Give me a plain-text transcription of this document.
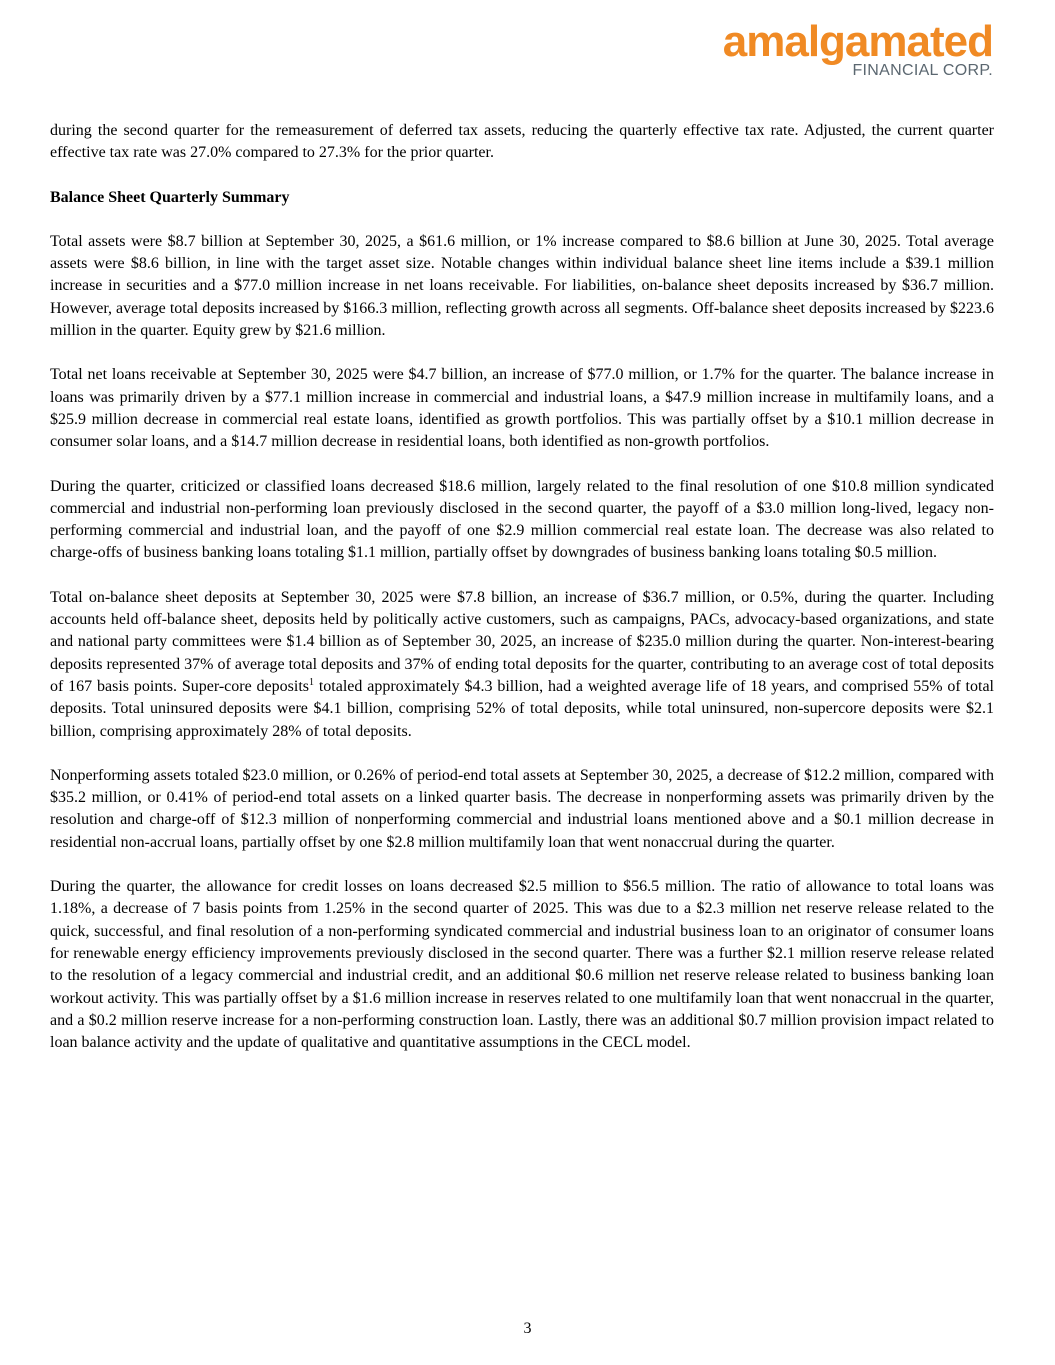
amalgamated
FINANCIAL CORP.

during the second quarter for the remeasurement of deferred tax assets, reducing the quarterly effective tax rate. Adjusted, the current quarter effective tax rate was 27.0% compared to 27.3% for the prior quarter.

Balance Sheet Quarterly Summary

Total assets were $8.7 billion at September 30, 2025, a $61.6 million, or 1% increase compared to $8.6 billion at June 30, 2025. Total average assets were $8.6 billion, in line with the target asset size. Notable changes within individual balance sheet line items include a $39.1 million increase in securities and a $77.0 million increase in net loans receivable. For liabilities, on-balance sheet deposits increased by $36.7 million. However, average total deposits increased by $166.3 million, reflecting growth across all segments. Off-balance sheet deposits increased by $223.6 million in the quarter. Equity grew by $21.6 million.

Total net loans receivable at September 30, 2025 were $4.7 billion, an increase of $77.0 million, or 1.7% for the quarter. The balance increase in loans was primarily driven by a $77.1 million increase in commercial and industrial loans, a $47.9 million increase in multifamily loans, and a $25.9 million decrease in commercial real estate loans, identified as growth portfolios. This was partially offset by a $10.1 million decrease in consumer solar loans, and a $14.7 million decrease in residential loans, both identified as non-growth portfolios.

During the quarter, criticized or classified loans decreased $18.6 million, largely related to the final resolution of one $10.8 million syndicated commercial and industrial non-performing loan previously disclosed in the second quarter, the payoff of a $3.0 million long-lived, legacy non-performing commercial and industrial loan, and the payoff of one $2.9 million commercial real estate loan. The decrease was also related to charge-offs of business banking loans totaling $1.1 million, partially offset by downgrades of business banking loans totaling $0.5 million.

Total on-balance sheet deposits at September 30, 2025 were $7.8 billion, an increase of $36.7 million, or 0.5%, during the quarter. Including accounts held off-balance sheet, deposits held by politically active customers, such as campaigns, PACs, advocacy-based organizations, and state and national party committees were $1.4 billion as of September 30, 2025, an increase of $235.0 million during the quarter. Non-interest-bearing deposits represented 37% of average total deposits and 37% of ending total deposits for the quarter, contributing to an average cost of total deposits of 167 basis points. Super-core deposits$^1$ totaled approximately $4.3 billion, had a weighted average life of 18 years, and comprised 55% of total deposits. Total uninsured deposits were $4.1 billion, comprising 52% of total deposits, while total uninsured, non-supercore deposits were $2.1 billion, comprising approximately 28% of total deposits.

Nonperforming assets totaled $23.0 million, or 0.26% of period-end total assets at September 30, 2025, a decrease of $12.2 million, compared with $35.2 million, or 0.41% of period-end total assets on a linked quarter basis. The decrease in nonperforming assets was primarily driven by the resolution and charge-off of $12.3 million of nonperforming commercial and industrial loans mentioned above and a $0.1 million decrease in residential non-accrual loans, partially offset by one $2.8 million multifamily loan that went nonaccrual during the quarter.

During the quarter, the allowance for credit losses on loans decreased $2.5 million to $56.5 million. The ratio of allowance to total loans was 1.18%, a decrease of 7 basis points from 1.25% in the second quarter of 2025. This was due to a $2.3 million net reserve release related to the quick, successful, and final resolution of a non-performing syndicated commercial and industrial business loan to an originator of consumer loans for renewable energy efficiency improvements previously disclosed in the second quarter. There was a further $2.1 million reserve release related to the resolution of a legacy commercial and industrial credit, and an additional $0.6 million net reserve release related to business banking loan workout activity. This was partially offset by a $1.6 million increase in reserves related to one multifamily loan that went nonaccrual in the quarter, and a $0.2 million reserve increase for a non-performing construction loan. Lastly, there was an additional $0.7 million provision impact related to loan balance activity and the update of qualitative and quantitative assumptions in the CECL model.

3
